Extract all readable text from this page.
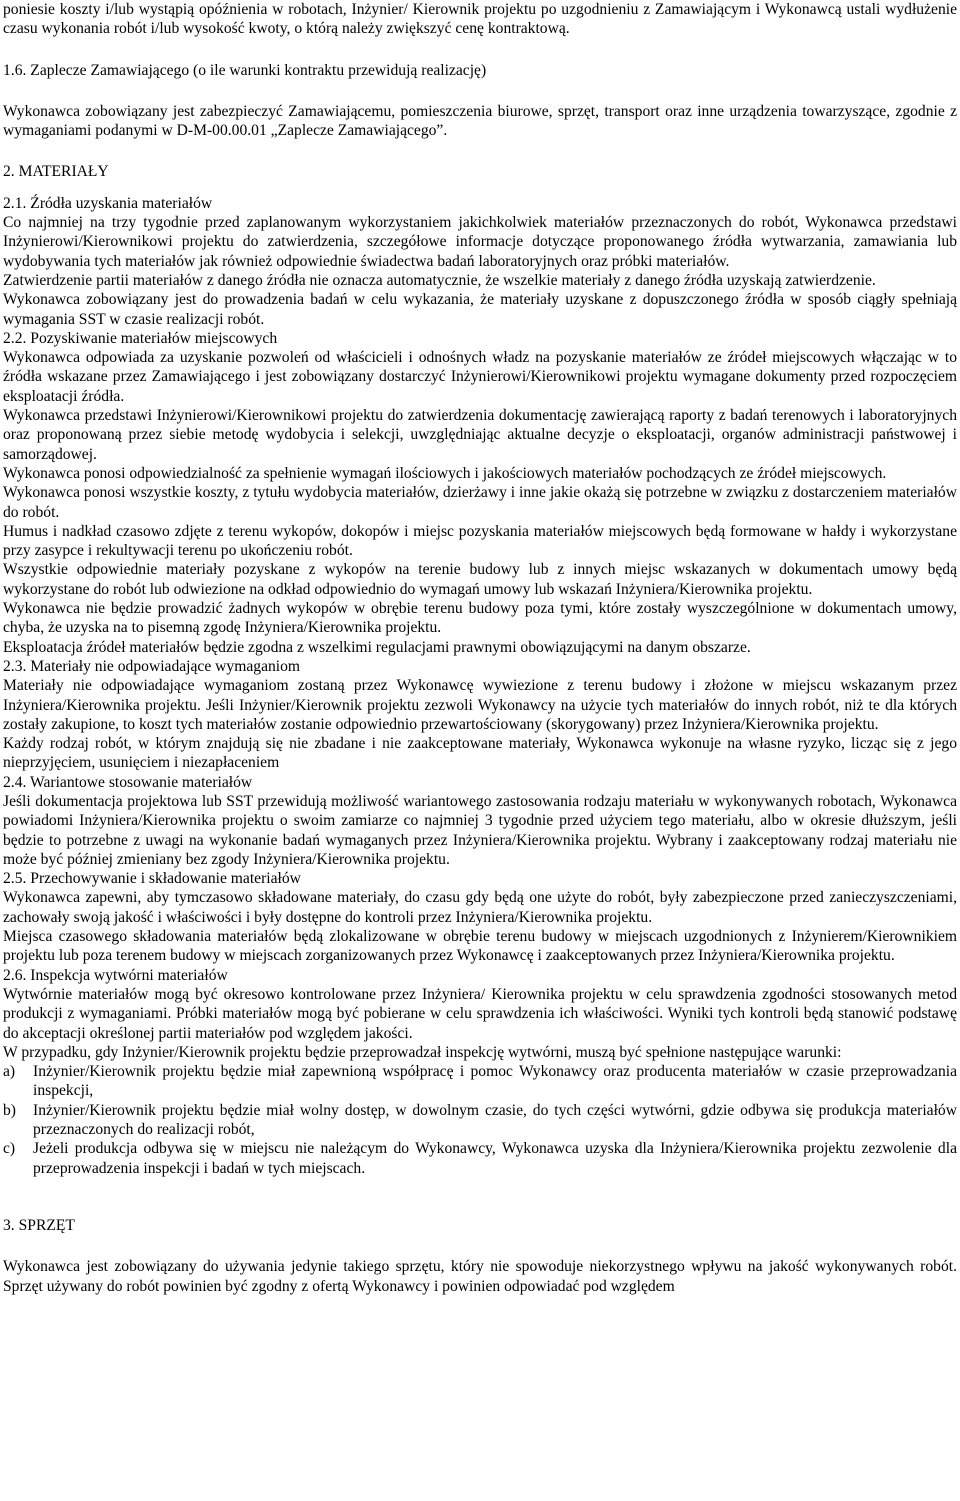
poniesie koszty i/lub wystąpią opóźnienia w robotach, Inżynier/ Kierownik projektu po uzgodnieniu z Zamawiającym i Wykonawcą ustali wydłużenie czasu wykonania robót i/lub wysokość kwoty, o którą należy zwiększyć cenę kontraktową.

1.6. Zaplecze Zamawiającego (o ile warunki kontraktu przewidują realizację)

Wykonawca zobowiązany jest zabezpieczyć Zamawiającemu, pomieszczenia biurowe, sprzęt, transport oraz inne urządzenia towarzyszące, zgodnie z wymaganiami podanymi w D-M-00.00.01 „Zaplecze Zamawiającego”.

2. MATERIAŁY

2.1. Źródła uzyskania materiałów

Co najmniej na trzy tygodnie przed zaplanowanym wykorzystaniem jakichkolwiek materiałów przeznaczonych do robót, Wykonawca przedstawi Inżynierowi/Kierownikowi projektu do zatwierdzenia, szczegółowe informacje dotyczące proponowanego źródła wytwarzania, zamawiania lub wydobywania tych materiałów jak również odpowiednie świadectwa badań laboratoryjnych oraz próbki materiałów.

Zatwierdzenie partii materiałów z danego źródła nie oznacza automatycznie, że wszelkie materiały z danego źródła uzyskają zatwierdzenie.

Wykonawca zobowiązany jest do prowadzenia badań w celu wykazania, że materiały uzyskane z dopuszczonego źródła w sposób ciągły spełniają wymagania SST w czasie realizacji robót.

2.2. Pozyskiwanie materiałów miejscowych

Wykonawca odpowiada za uzyskanie pozwoleń od właścicieli i odnośnych władz na pozyskanie materiałów ze źródeł miejscowych włączając w to źródła wskazane przez Zamawiającego i jest zobowiązany dostarczyć Inżynierowi/Kierownikowi projektu wymagane dokumenty przed rozpoczęciem eksploatacji źródła.

Wykonawca przedstawi Inżynierowi/Kierownikowi projektu do zatwierdzenia dokumentację zawierającą raporty z badań terenowych i laboratoryjnych oraz proponowaną przez siebie metodę wydobycia i selekcji, uwzględniając aktualne decyzje o eksploatacji, organów administracji państwowej i samorządowej.

Wykonawca ponosi odpowiedzialność za spełnienie wymagań ilościowych i jakościowych materiałów pochodzących ze źródeł miejscowych.

Wykonawca ponosi wszystkie koszty, z tytułu wydobycia materiałów, dzierżawy i inne jakie okażą się potrzebne w związku z dostarczeniem materiałów do robót.

Humus i nadkład czasowo zdjęte z terenu wykopów, dokopów i miejsc pozyskania materiałów miejscowych będą formowane w hałdy i wykorzystane przy zasypce i rekultywacji terenu po ukończeniu robót.

Wszystkie odpowiednie materiały pozyskane z wykopów na terenie budowy lub z innych miejsc wskazanych w dokumentach umowy będą wykorzystane do robót lub odwiezione na odkład odpowiednio do wymagań umowy lub wskazań Inżyniera/Kierownika projektu.

Wykonawca nie będzie prowadzić żadnych wykopów w obrębie terenu budowy poza tymi, które zostały wyszczególnione w dokumentach umowy, chyba, że uzyska na to pisemną zgodę Inżyniera/Kierownika projektu.

Eksploatacja źródeł materiałów będzie zgodna z wszelkimi regulacjami prawnymi obowiązującymi na danym obszarze.

2.3. Materiały nie odpowiadające wymaganiom

Materiały nie odpowiadające wymaganiom zostaną przez Wykonawcę wywiezione z terenu budowy i złożone w miejscu wskazanym przez Inżyniera/Kierownika projektu. Jeśli Inżynier/Kierownik projektu zezwoli Wykonawcy na użycie tych materiałów do innych robót, niż te dla których zostały zakupione, to koszt tych materiałów zostanie odpowiednio przewartościowany (skorygowany) przez Inżyniera/Kierownika projektu.

Każdy rodzaj robót, w którym znajdują się nie zbadane i nie zaakceptowane materiały, Wykonawca wykonuje na własne ryzyko, licząc się z jego nieprzyjęciem, usunięciem i niezapłaceniem

2.4. Wariantowe stosowanie materiałów

Jeśli dokumentacja projektowa lub SST przewidują możliwość wariantowego zastosowania rodzaju materiału w wykonywanych robotach, Wykonawca powiadomi Inżyniera/Kierownika projektu o swoim zamiarze co najmniej 3 tygodnie przed użyciem tego materiału, albo w okresie dłuższym, jeśli będzie to potrzebne z uwagi na wykonanie badań wymaganych przez Inżyniera/Kierownika projektu. Wybrany i zaakceptowany rodzaj materiału nie może być później zmieniany bez zgody Inżyniera/Kierownika projektu.

2.5. Przechowywanie i składowanie materiałów

Wykonawca zapewni, aby tymczasowo składowane materiały, do czasu gdy będą one użyte do robót, były zabezpieczone przed zanieczyszczeniami, zachowały swoją jakość i właściwości i były dostępne do kontroli przez Inżyniera/Kierownika projektu.

Miejsca czasowego składowania materiałów będą zlokalizowane w obrębie terenu budowy w miejscach uzgodnionych z Inżynierem/Kierownikiem projektu lub poza terenem budowy w miejscach zorganizowanych przez Wykonawcę i zaakceptowanych przez Inżyniera/Kierownika projektu.

2.6. Inspekcja wytwórni materiałów

Wytwórnie materiałów mogą być okresowo kontrolowane przez Inżyniera/ Kierownika projektu w celu sprawdzenia zgodności stosowanych metod produkcji z wymaganiami. Próbki materiałów mogą być pobierane w celu sprawdzenia ich właściwości. Wyniki tych kontroli będą stanowić podstawę do akceptacji określonej partii materiałów pod względem jakości.

W przypadku, gdy Inżynier/Kierownik projektu będzie przeprowadzał inspekcję wytwórni, muszą być spełnione następujące warunki:

a)	Inżynier/Kierownik projektu będzie miał zapewnioną współpracę i pomoc Wykonawcy oraz producenta materiałów w czasie przeprowadzania inspekcji,
b)	Inżynier/Kierownik projektu będzie miał wolny dostęp, w dowolnym czasie, do tych części wytwórni, gdzie odbywa się produkcja materiałów przeznaczonych do realizacji robót,
c)	Jeżeli produkcja odbywa się w miejscu nie należącym do Wykonawcy, Wykonawca uzyska dla Inżyniera/Kierownika projektu zezwolenie dla przeprowadzenia inspekcji i badań w tych miejscach.

3. SPRZĘT

Wykonawca jest zobowiązany do używania jedynie takiego sprzętu, który nie spowoduje niekorzystnego wpływu na jakość wykonywanych robót. Sprzęt używany do robót powinien być zgodny z ofertą Wykonawcy i powinien odpowiadać pod względem
